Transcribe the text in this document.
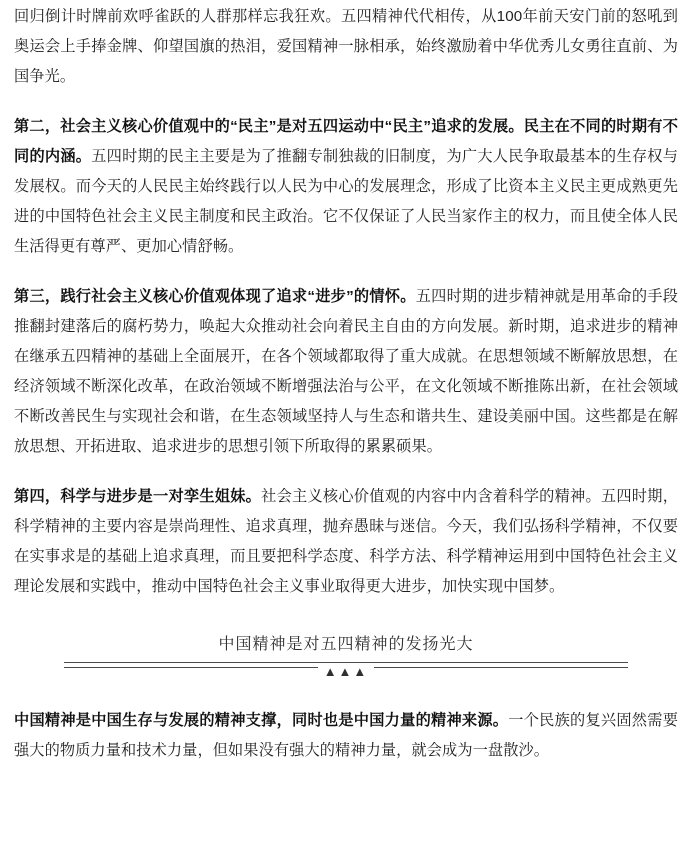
回归倒计时牌前欢呼雀跃的人群那样忘我狂欢。五四精神代代相传，从100年前天安门前的怒吼到奥运会上手捧金牌、仰望国旗的热泪，爱国精神一脉相承，始终激励着中华优秀儿女勇往直前、为国争光。

第二，社会主义核心价值观中的“民主”是对五四运动中“民主”追求的发展。民主在不同的时期有不同的内涵。五四时期的民主主要是为了推翻专制独裁的旧制度，为广大人民争取最基本的生存权与发展权。而今天的人民民主始终践行以人民为中心的发展理念，形成了比资本主义民主更成熟更先进的中国特色社会主义民主制度和民主政治。它不仅保证了人民当家作主的权力，而且使全体人民生活得更有尊严、更加心情舒畅。

第三，践行社会主义核心价值观体现了追求“进步”的情怀。五四时期的进步精神就是用革命的手段推翻封建落后的腐朽势力，唤起大众推动社会向着民主自由的方向发展。新时期，追求进步的精神在继承五四精神的基础上全面展开，在各个领域都取得了重大成就。在思想领域不断解放思想，在经济领域不断深化改革，在政治领域不断增强法治与公平，在文化领域不断推陈出新，在社会领域不断改善民生与实现社会和谐，在生态领域坚持人与生态和谐共生、建设美丽中国。这些都是在解放思想、开拓进取、追求进步的思想引领下所取得的累累硕果。

第四，科学与进步是一对孪生姐妹。社会主义核心价值观的内容中内含着科学的精神。五四时期，科学精神的主要内容是崇尚理性、追求真理，抛弃愚昧与迷信。今天，我们弘扬科学精神，不仅要在实事求是的基础上追求真理，而且要把科学态度、科学方法、科学精神运用到中国特色社会主义理论发展和实践中，推动中国特色社会主义事业取得更大进步，加快实现中国梦。

中国精神是对五四精神的发扬光大
▲▲▲

中国精神是中国生存与发展的精神支撑，同时也是中国力量的精神来源。一个民族的复兴固然需要强大的物质力量和技术力量，但如果没有强大的精神力量，就会成为一盘散沙。
